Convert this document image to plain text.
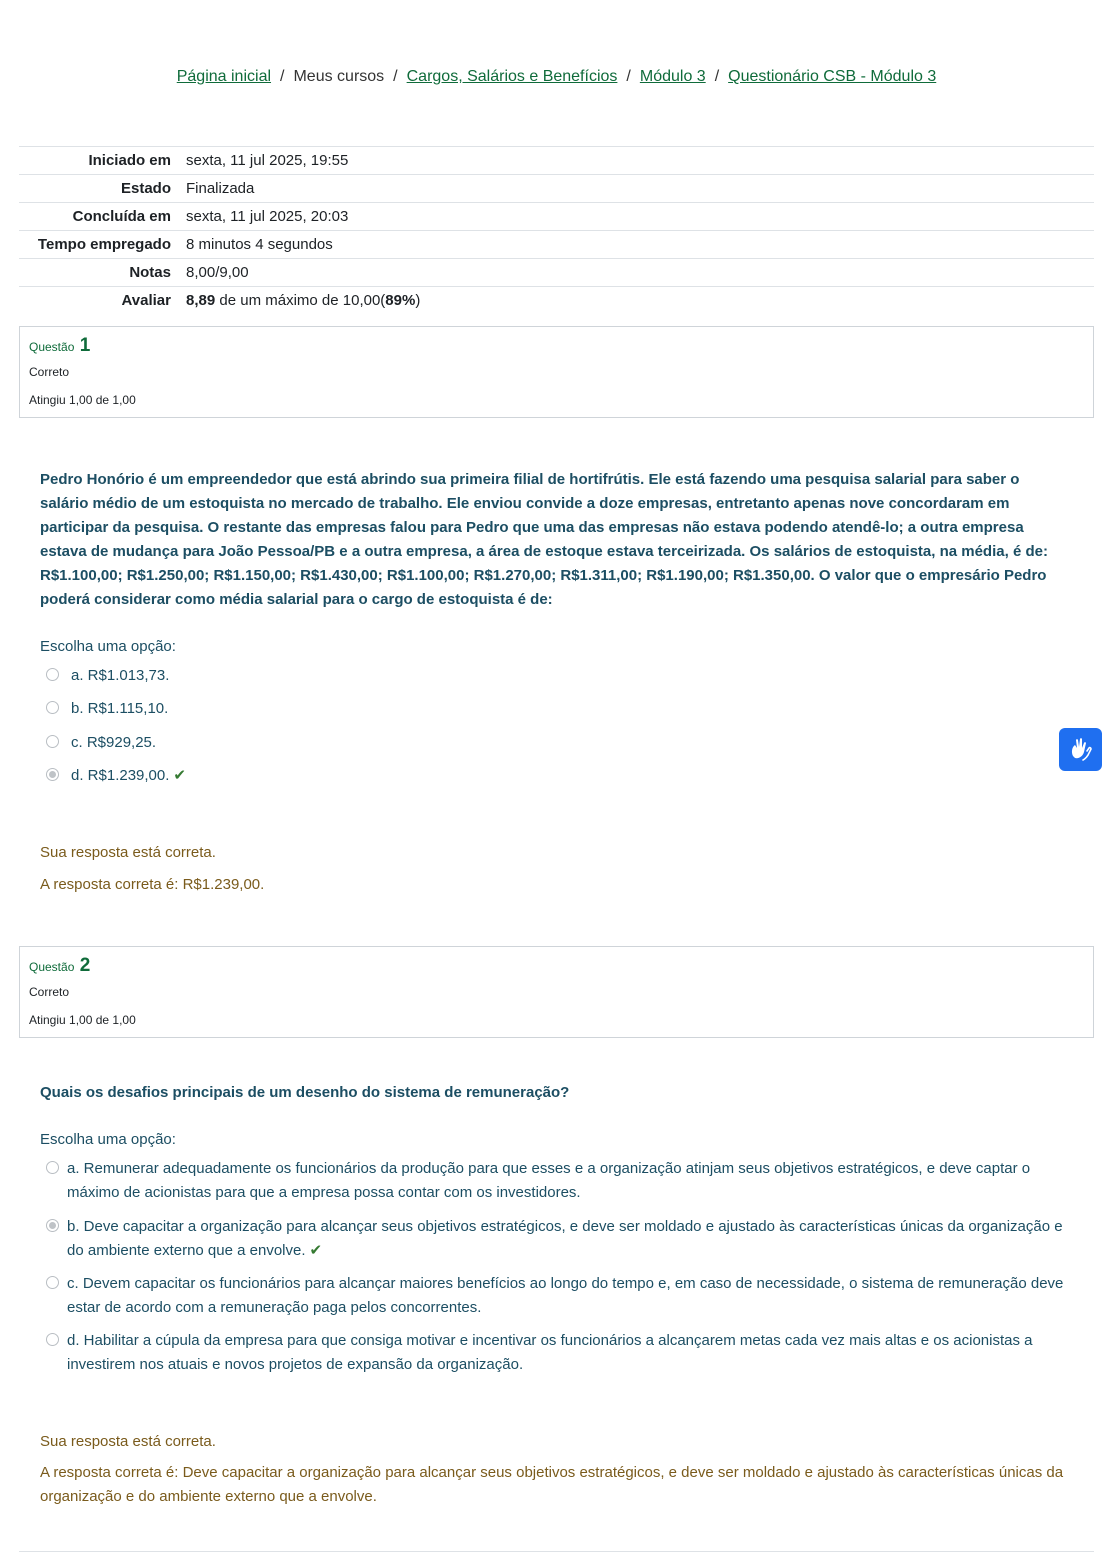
Página inicial / Meus cursos / Cargos, Salários e Benefícios / Módulo 3 / Questionário CSB - Módulo 3
Iniciado em	sexta, 11 jul 2025, 19:55
Estado	Finalizada
Concluída em	sexta, 11 jul 2025, 20:03
Tempo empregado	8 minutos 4 segundos
Notas	8,00/9,00
Avaliar	8,89 de um máximo de 10,00(89%)
Questão 1
Correto
Atingiu 1,00 de 1,00
Pedro Honório é um empreendedor que está abrindo sua primeira filial de hortifrútis. Ele está fazendo uma pesquisa salarial para saber o salário médio de um estoquista no mercado de trabalho. Ele enviou convide a doze empresas, entretanto apenas nove concordaram em participar da pesquisa. O restante das empresas falou para Pedro que uma das empresas não estava podendo atendê-lo; a outra empresa estava de mudança para João Pessoa/PB e a outra empresa, a área de estoque estava terceirizada. Os salários de estoquista, na média, é de: R$1.100,00; R$1.250,00; R$1.150,00; R$1.430,00; R$1.100,00; R$1.270,00; R$1.311,00; R$1.190,00; R$1.350,00. O valor que o empresário Pedro poderá considerar como média salarial para o cargo de estoquista é de:
Escolha uma opção:
a. R$1.013,73.
b. R$1.115,10.
c. R$929,25.
d. R$1.239,00. ✔
Sua resposta está correta.
A resposta correta é: R$1.239,00.
Questão 2
Correto
Atingiu 1,00 de 1,00
Quais os desafios principais de um desenho do sistema de remuneração?
Escolha uma opção:
a. Remunerar adequadamente os funcionários da produção para que esses e a organização atinjam seus objetivos estratégicos, e deve captar o máximo de acionistas para que a empresa possa contar com os investidores.
b. Deve capacitar a organização para alcançar seus objetivos estratégicos, e deve ser moldado e ajustado às características únicas da organização e do ambiente externo que a envolve. ✔
c. Devem capacitar os funcionários para alcançar maiores benefícios ao longo do tempo e, em caso de necessidade, o sistema de remuneração deve estar de acordo com a remuneração paga pelos concorrentes.
d. Habilitar a cúpula da empresa para que consiga motivar e incentivar os funcionários a alcançarem metas cada vez mais altas e os acionistas a investirem nos atuais e novos projetos de expansão da organização.
Sua resposta está correta.
A resposta correta é: Deve capacitar a organização para alcançar seus objetivos estratégicos, e deve ser moldado e ajustado às características únicas da organização e do ambiente externo que a envolve.
